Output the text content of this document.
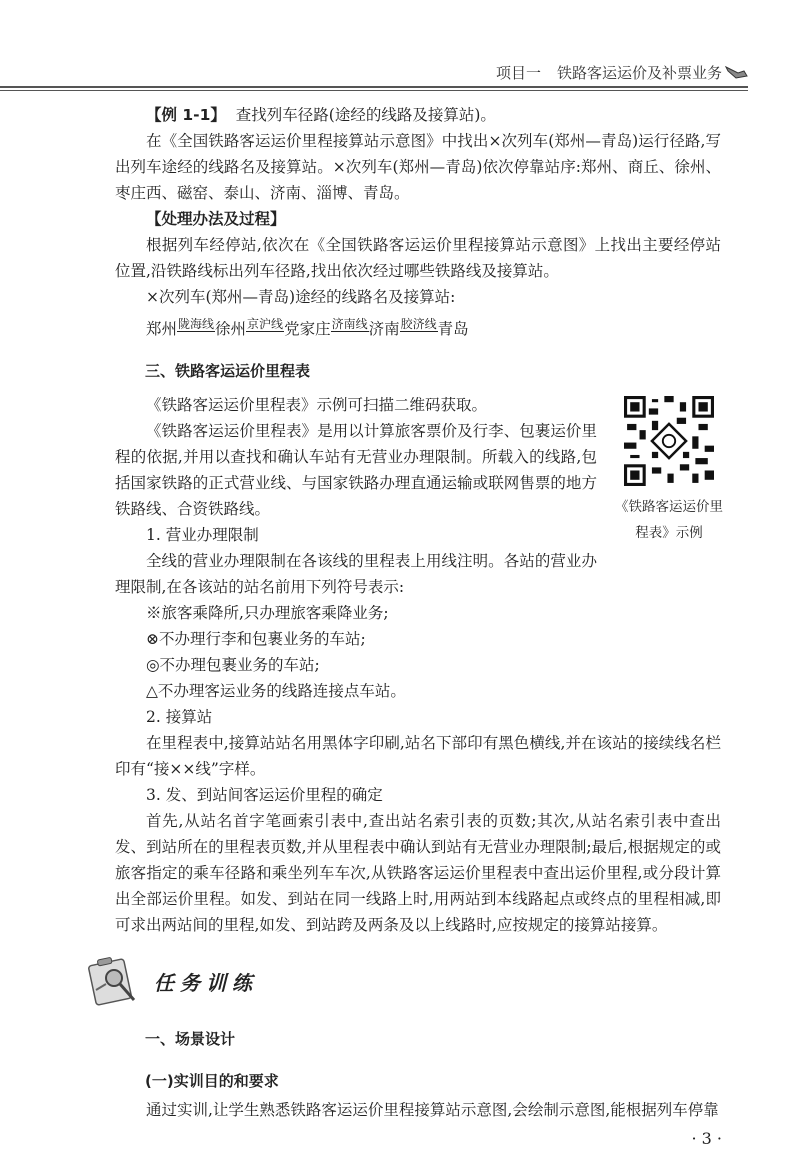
项目一 铁路客运运价及补票业务

【例 1-1】 查找列车径路(途经的线路及接算站)。

在《全国铁路客运运价里程接算站示意图》中找出×次列车(郑州—青岛)运行径路,写出列车途经的线路名及接算站。×次列车(郑州—青岛)依次停靠站序:郑州、商丘、徐州、枣庄西、磁窑、泰山、济南、淄博、青岛。

【处理办法及过程】

根据列车经停站,依次在《全国铁路客运运价里程接算站示意图》上找出主要经停站位置,沿铁路线标出列车径路,找出依次经过哪些铁路线及接算站。

×次列车(郑州—青岛)途经的线路名及接算站:

郑州陇海线徐州京沪线党家庄济南线济南胶济线青岛

三、铁路客运运价里程表

《铁路客运运价里程表》示例

《铁路客运运价里程表》示例可扫描二维码获取。

《铁路客运运价里程表》是用以计算旅客票价及行李、包裹运价里程的依据,并用以查找和确认车站有无营业办理限制。所载入的线路,包括国家铁路的正式营业线、与国家铁路办理直通运输或联网售票的地方铁路线、合资铁路线。

1. 营业办理限制

全线的营业办理限制在各该线的里程表上用线注明。各站的营业办理限制,在各该站的站名前用下列符号表示:

※旅客乘降所,只办理旅客乘降业务;

⊗不办理行李和包裹业务的车站;

◎不办理包裹业务的车站;

△不办理客运业务的线路连接点车站。

2. 接算站

在里程表中,接算站站名用黑体字印刷,站名下部印有黑色横线,并在该站的接续线名栏印有“接××线”字样。

3. 发、到站间客运运价里程的确定

首先,从站名首字笔画索引表中,查出站名索引表的页数;其次,从站名索引表中查出发、到站所在的里程表页数,并从里程表中确认到站有无营业办理限制;最后,根据规定的或旅客指定的乘车径路和乘坐列车车次,从铁路客运运价里程表中查出运价里程,或分段计算出全部运价里程。如发、到站在同一线路上时,用两站到本线路起点或终点的里程相减,即可求出两站间的里程,如发、到站跨及两条及以上线路时,应按规定的接算站接算。

任务训练

一、场景设计

(一)实训目的和要求

通过实训,让学生熟悉铁路客运运价里程接算站示意图,会绘制示意图,能根据列车停靠

· 3 ·
